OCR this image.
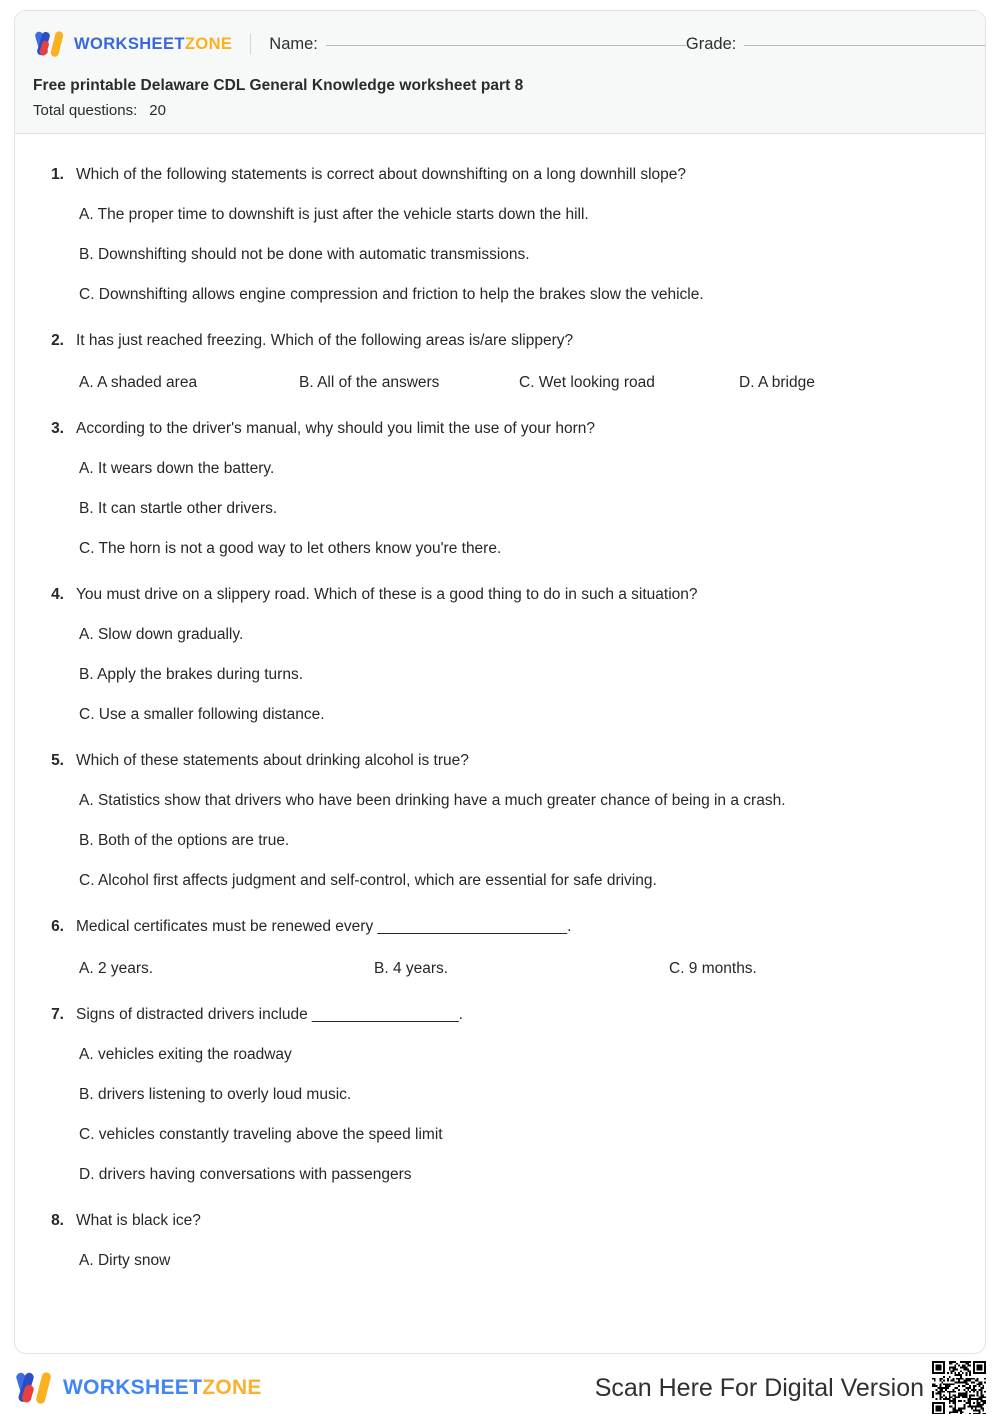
WORKSHEETZONE Name:	Grade:
Free printable Delaware CDL General Knowledge worksheet part 8
Total questions: 20
1. Which of the following statements is correct about downshifting on a long downhill slope?
A. The proper time to downshift is just after the vehicle starts down the hill.
B. Downshifting should not be done with automatic transmissions.
C. Downshifting allows engine compression and friction to help the brakes slow the vehicle.
2. It has just reached freezing. Which of the following areas is/are slippery?
A. A shaded area	B. All of the answers	C. Wet looking road	D. A bridge
3. According to the driver's manual, why should you limit the use of your horn?
A. It wears down the battery.
B. It can startle other drivers.
C. The horn is not a good way to let others know you're there.
4. You must drive on a slippery road. Which of these is a good thing to do in such a situation?
A. Slow down gradually.
B. Apply the brakes during turns.
C. Use a smaller following distance.
5. Which of these statements about drinking alcohol is true?
A. Statistics show that drivers who have been drinking have a much greater chance of being in a crash.
B. Both of the options are true.
C. Alcohol first affects judgment and self-control, which are essential for safe driving.
6. Medical certificates must be renewed every ______________________.
A. 2 years.	B. 4 years.	C. 9 months.
7. Signs of distracted drivers include _________________.
A. vehicles exiting the roadway
B. drivers listening to overly loud music.
C. vehicles constantly traveling above the speed limit
D. drivers having conversations with passengers
8. What is black ice?
A. Dirty snow
WORKSHEETZONE	Scan Here For Digital Version
